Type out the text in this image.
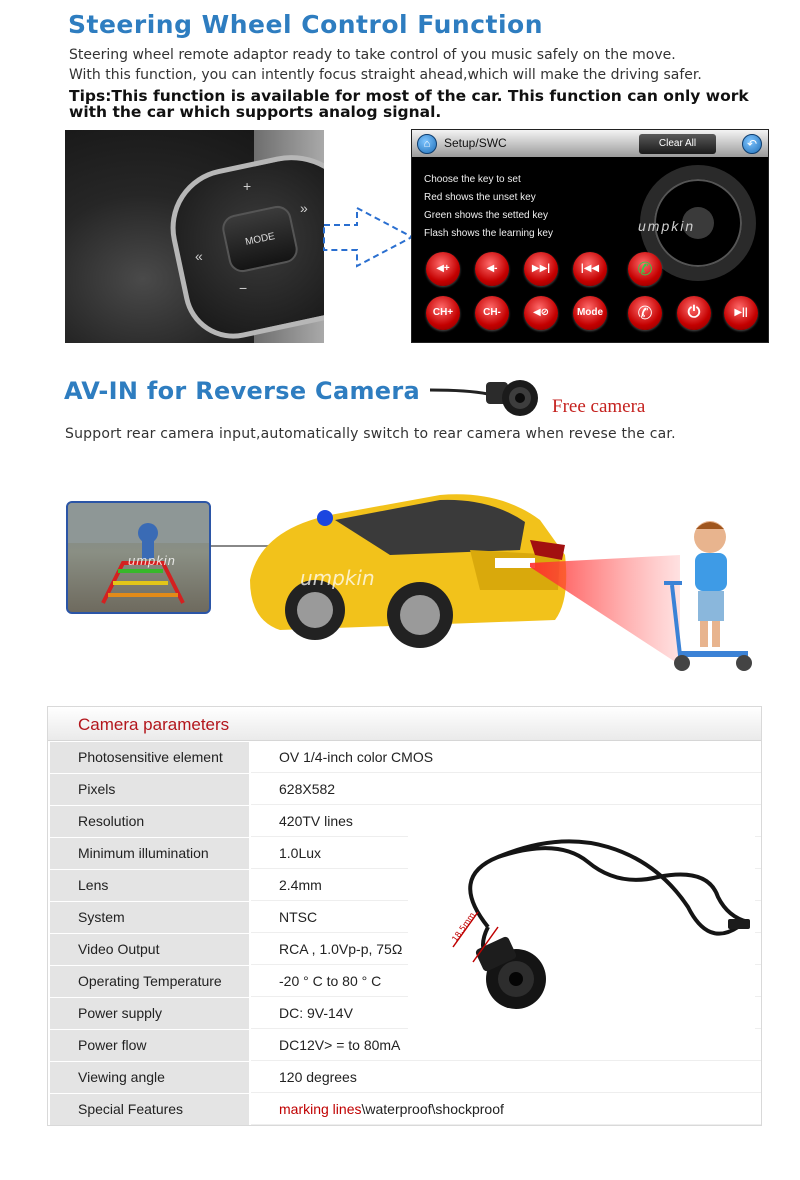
Steering Wheel Control Function
Steering wheel remote adaptor ready to take control of you music safely on the move.
With this function, you can intently focus straight ahead,which will make the driving safer.
Tips:This function is available for most of the car. This function can only work with the car which supports analog signal.
MODE
+
−
»
«
⌂	Setup/SWC	Clear All	↶
umpkin
Choose the key to set
Red shows the unset key
Green shows the setted key
Flash shows the learning key
◀+	◀-	▶▶|	|◀◀	✆
CH+	CH-	◀⊘	Mode	✆	⏻	▶||
AV-IN for Reverse Camera
Free camera
Support rear camera input,automatically switch to rear camera when revese the car.
umpkin
umpkin
Camera parameters
Photosensitive element	OV 1/4-inch color CMOS
Pixels	628X582
Resolution	420TV lines
Minimum illumination	1.0Lux
Lens	2.4mm
System	NTSC
Video Output	RCA , 1.0Vp-p, 75Ω
Operating Temperature	-20 ° C to 80 ° C
Power supply	DC: 9V-14V
Power flow	DC12V> = to 80mA
Viewing angle	120 degrees
Special Features	marking lines\waterproof\shockproof
18.5mm
